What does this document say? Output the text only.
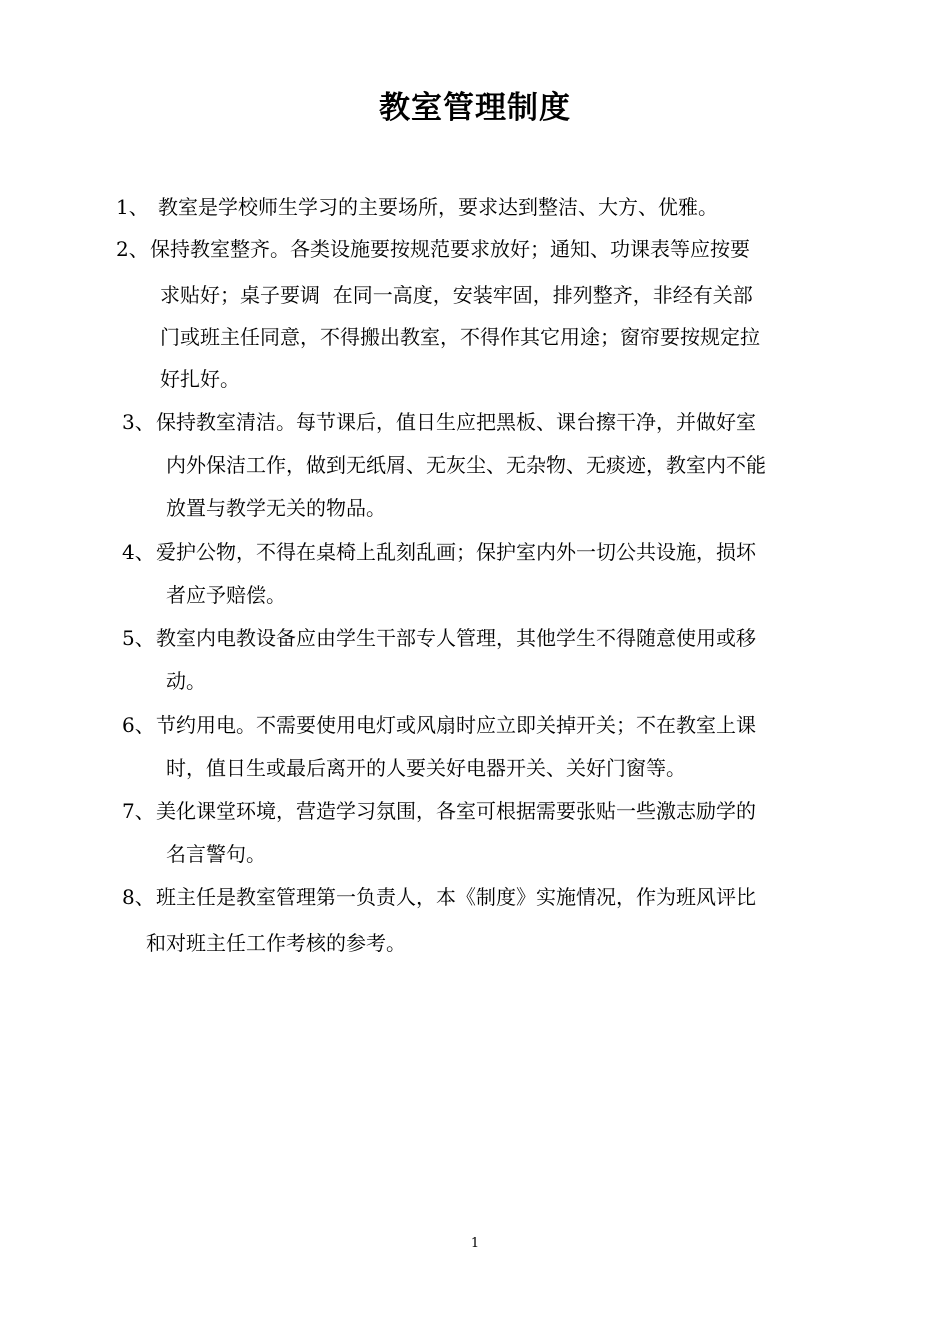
教室管理制度
1、 教室是学校师生学习的主要场所，要求达到整洁、大方、优雅。
2、 保持教室整齐。各类设施要按规范要求放好；通知、功课表等应按要
求贴好；桌子要调  在同一高度，安装牢固，排列整齐，非经有关部
门或班主任同意，不得搬出教室，不得作其它用途；窗帘要按规定拉
好扎好。
3、 保持教室清洁。每节课后，值日生应把黑板、课台擦干净，并做好室
内外保洁工作，做到无纸屑、无灰尘、无杂物、无痰迹，教室内不能
放置与教学无关的物品。
4、 爱护公物，不得在桌椅上乱刻乱画；保护室内外一切公共设施，损坏
者应予赔偿。
5、 教室内电教设备应由学生干部专人管理，其他学生不得随意使用或移
动。
6、 节约用电。不需要使用电灯或风扇时应立即关掉开关；不在教室上课
时，值日生或最后离开的人要关好电器开关、关好门窗等。
7、 美化课堂环境，营造学习氛围，各室可根据需要张贴一些激志励学的
名言警句。
8、 班主任是教室管理第一负责人，本《制度》实施情况，作为班风评比
和对班主任工作考核的参考。
1
